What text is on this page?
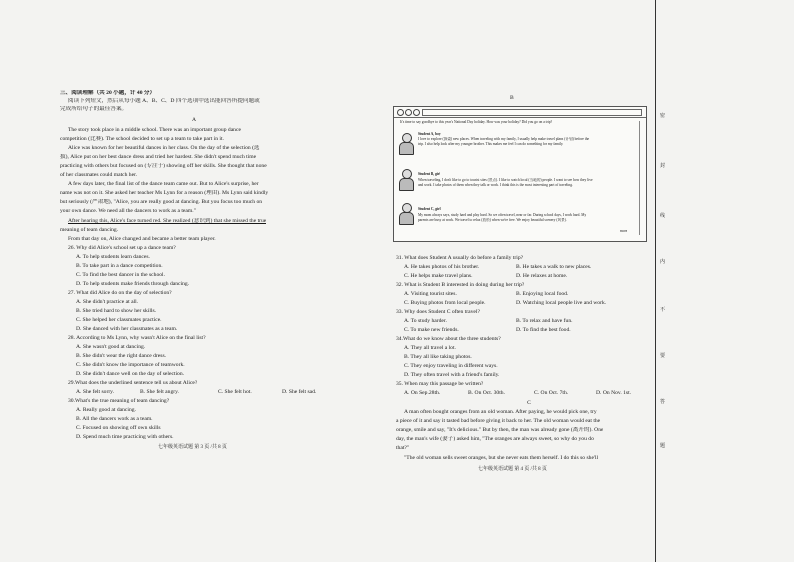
三、阅读理解（共 20 小题，计 40 分）
阅读下列短文，然后从每小题 A、B、C、D 四个选项中选出能回答所提问题或
完成所给句子的最佳答案。
A
The story took place in a middle school. There was an important group dance
competition (比赛). The school decided to set up a team to take part in it.
Alice was known for her beautiful dances in her class. On the day of the selection (选
拔), Alice put on her best dance dress and tried her hardest. She didn't spend much time
practicing with others but focused on (专注于) showing off her skills. She thought that none
of her classmates could match her.
A few days later, the final list of the dance team came out. But to Alice's surprise, her
name was not on it. She asked her teacher Ms Lynn for a reason (理由). Ms Lynn said kindly
but seriously (严肃地), "Alice, you are really good at dancing. But you focus too much on
your own dance. We need all the dancers to work as a team."
After hearing this, Alice's face turned red. She realized (意识到) that she missed the true
meaning of team dancing.
From that day on, Alice changed and became a better team player.
26. Why did Alice's school set up a dance team?
A. To help students learn dances.
B. To take part in a dance competition.
C. To find the best dancer in the school.
D. To help students make friends through dancing.
27. What did Alice do on the day of selection?
A. She didn't practice at all.
B. She tried hard to show her skills.
C. She helped her classmates practice.
D. She danced with her classmates as a team.
28. According to Ms Lynn, why wasn't Alice on the final list?
A. She wasn't good at dancing.
B. She didn't wear the right dance dress.
C. She didn't know the importance of teamwork.
D. She didn't dance well on the day of selection.
29.What does the underlined sentence tell us about Alice?
A. She felt sorry.	B. She felt angry.	C. She felt hot.	D. She felt sad.
30.What's the true meaning of team dancing?
A. Really good at dancing.
B. All the dancers work as a team.
C. Focused on showing off own skills
D. Spend much time practicing with others.
七年级英语试题 第 3 页 /共 8 页
B
It's time to say goodbye to this year's National Day holiday. How was your holiday? Did you go on a trip?
Student A, boy
I love to explore (探索) new places. When traveling with my family, I usually help make travel plans (计划) before the
trip. I also help look after my younger brother. This makes me feel I can do something for my family.
Student B, girl
When traveling, I don't like to go to tourist sites (景点). I like to watch local (当地的) people. I want to see how they live
and work. I take photos of them when they talk or work. I think this is the most interesting part of traveling.
Student C, girl
My mom always says, study hard and play hard. So we often travel, near or far. During school days, I work hard. My
parents are busy at work. We travel to relax (放松) when we're free. We enjoy beautiful scenery (风景).
more
31. What does Student A usually do before a family trip?
A. He takes photos of his brother.	B. He takes a walk to new places.
C. He helps make travel plans.	D. He relaxes at home.
32. What is Student B interested in doing during her trip?
A. Visiting tourist sites.	B. Enjoying local food.
C. Buying photos from local people.	D. Watching local people live and work.
33. Why does Student C often travel?
A. To study harder.	B. To relax and have fun.
C. To make new friends.	D. To find the best food.
34.What do we know about the three students?
A. They all travel a lot.
B. They all like taking photos.
C. They enjoy traveling in different ways.
D. They often travel with a friend's family.
35. When may this passage be written?
A. On Sep.28th.	B. On Oct. 30th.	C. On Oct. 7th.	D. On Nov. 1st.
C
A man often bought oranges from an old woman. After paying, he would pick one, try
a piece of it and say it tasted bad before giving it back to her. The old woman would eat the
orange, smile and say, "It's delicious." But by then, the man was already gone (离开的). One
day, the man's wife (妻子) asked him, "The oranges are always sweet, so why do you do
that?"
"The old woman sells sweet oranges, but she never eats them herself. I do this so she'll
七年级英语试题 第 4 页 /共 8 页
密
封
线
内
不
要
答
题
